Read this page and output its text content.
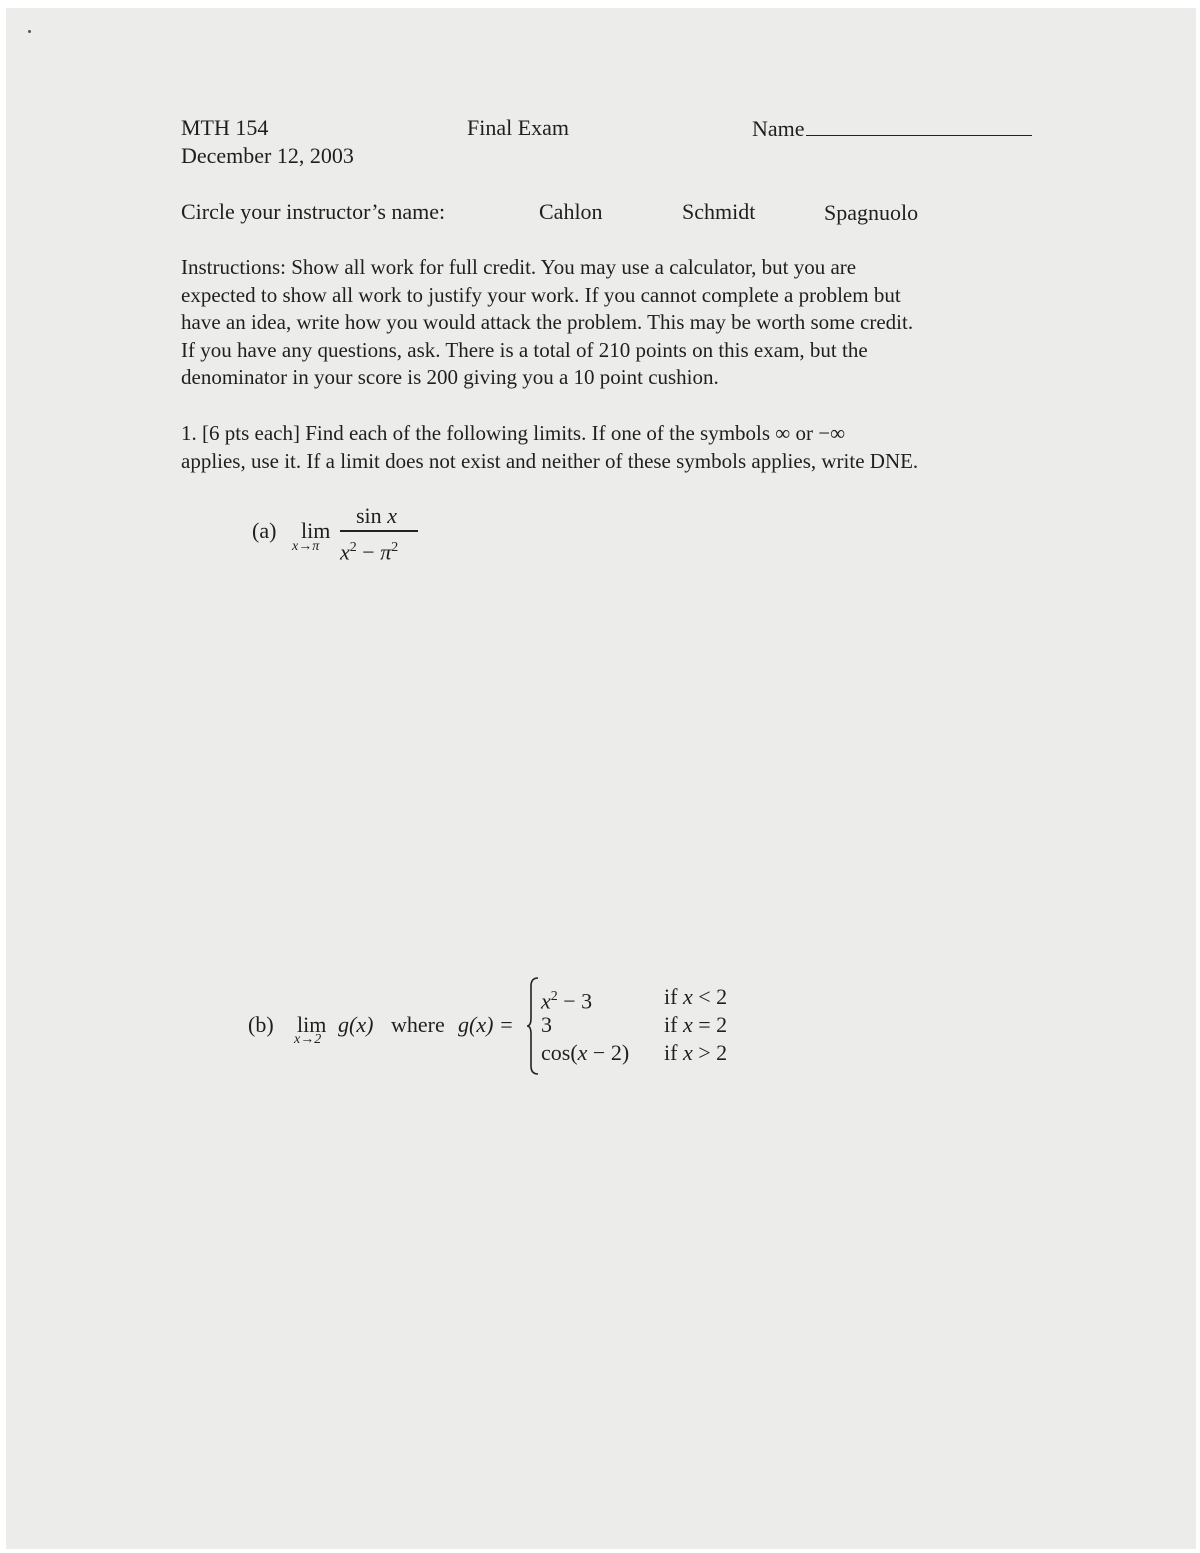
MTH 154
December 12, 2003
Final Exam	Name
Circle your instructor’s name:	Cahlon	Schmidt	Spagnuolo
Instructions: Show all work for full credit. You may use a calculator, but you are
expected to show all work to justify your work. If you cannot complete a problem but
have an idea, write how you would attack the problem. This may be worth some credit.
If you have any questions, ask. There is a total of 210 points on this exam, but the
denominator in your score is 200 giving you a 10 point cushion.
1. [6 pts each] Find each of the following limits. If one of the symbols ∞ or −∞
applies, use it. If a limit does not exist and neither of these symbols applies, write DNE.
(a) lim
x→π
sin x
$x^2 - \pi^2$
(b) lim
x→2
g(x) where g(x) =
$x^2 - 3$	if x < 2
3	if x = 2
cos(x − 2) if x > 2
